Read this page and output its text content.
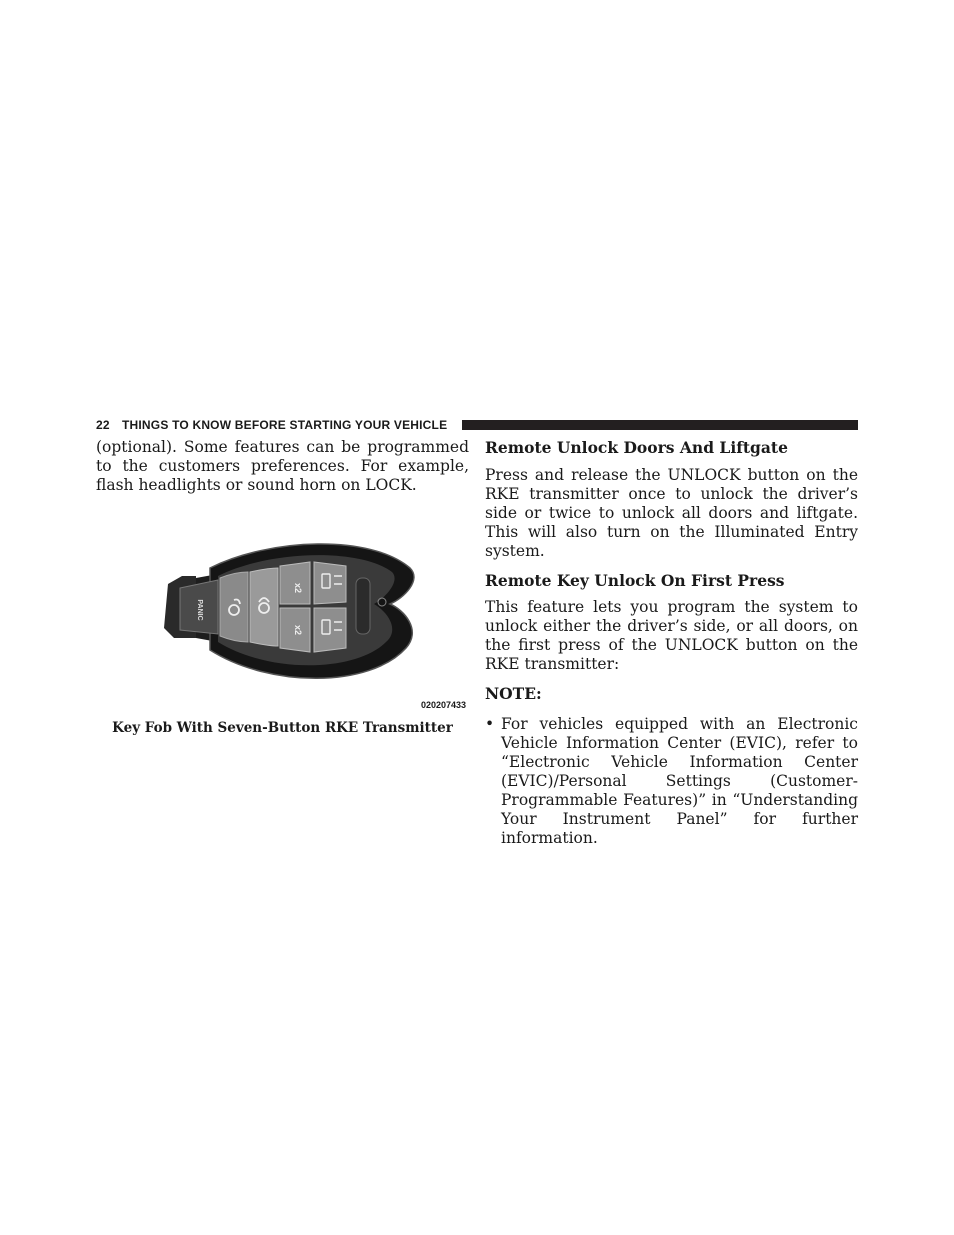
22 THINGS TO KNOW BEFORE STARTING YOUR VEHICLE

(optional). Some features can be programmed to the customers preferences. For example, flash headlights or sound horn on LOCK.

PANIC
x2
x2
020207433
Key Fob With Seven-Button RKE Transmitter
Remote Unlock Doors And Liftgate

Press and release the UNLOCK button on the RKE transmitter once to unlock the driver’s side or twice to unlock all doors and liftgate. This will also turn on the Illuminated Entry system.

Remote Key Unlock On First Press

This feature lets you program the system to unlock either the driver’s side, or all doors, on the first press of the UNLOCK button on the RKE transmitter:

NOTE:

• For vehicles equipped with an Electronic Vehicle Information Center (EVIC), refer to “Electronic Vehicle Information Center (EVIC)/Personal Settings (Customer-Programmable Features)” in “Understanding Your Instrument Panel” for further information.
